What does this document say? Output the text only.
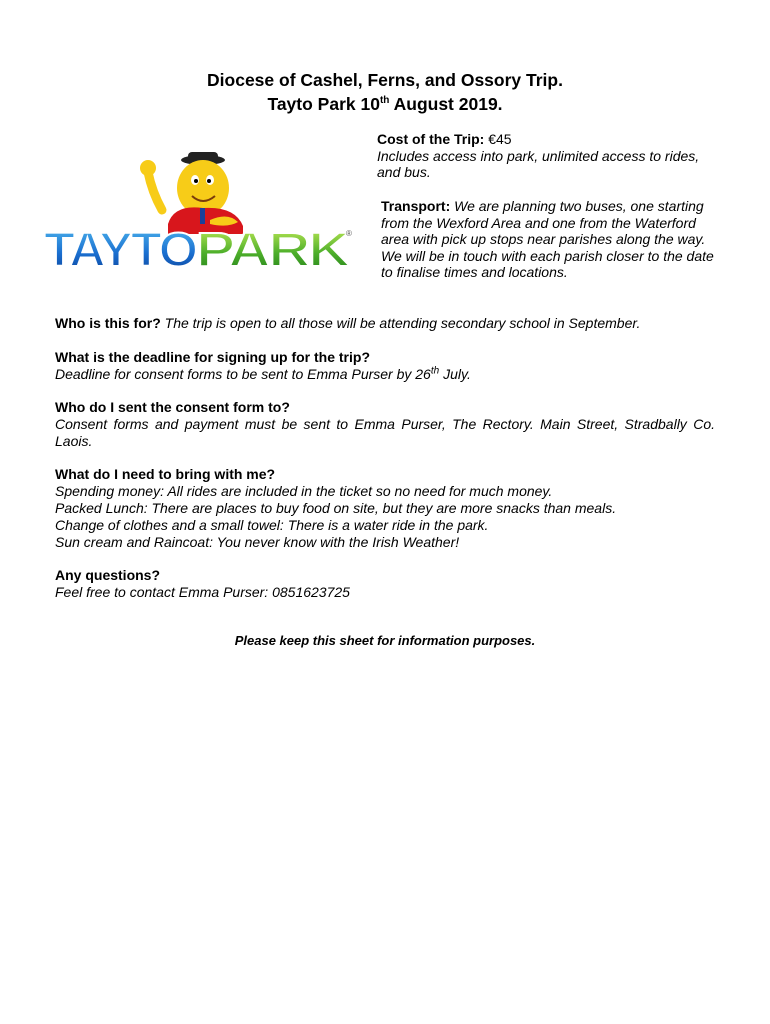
Diocese of Cashel, Ferns, and Ossory Trip.
Tayto Park 10th August 2019.
TAYTO PARK
®
Cost of the Trip: €45
Includes access into park, unlimited access to rides, and bus.
Transport: We are planning two buses, one starting from the Wexford Area and one from the Waterford area with pick up stops near parishes along the way. We will be in touch with each parish closer to the date to finalise times and locations.
Who is this for? The trip is open to all those will be attending secondary school in September.
What is the deadline for signing up for the trip?
Deadline for consent forms to be sent to Emma Purser by 26th July.
Who do I sent the consent form to?
Consent forms and payment must be sent to Emma Purser, The Rectory. Main Street, Stradbally Co. Laois.
What do I need to bring with me?
Spending money: All rides are included in the ticket so no need for much money.
Packed Lunch: There are places to buy food on site, but they are more snacks than meals.
Change of clothes and a small towel: There is a water ride in the park.
Sun cream and Raincoat: You never know with the Irish Weather!
Any questions?
Feel free to contact Emma Purser: 0851623725
Please keep this sheet for information purposes.
